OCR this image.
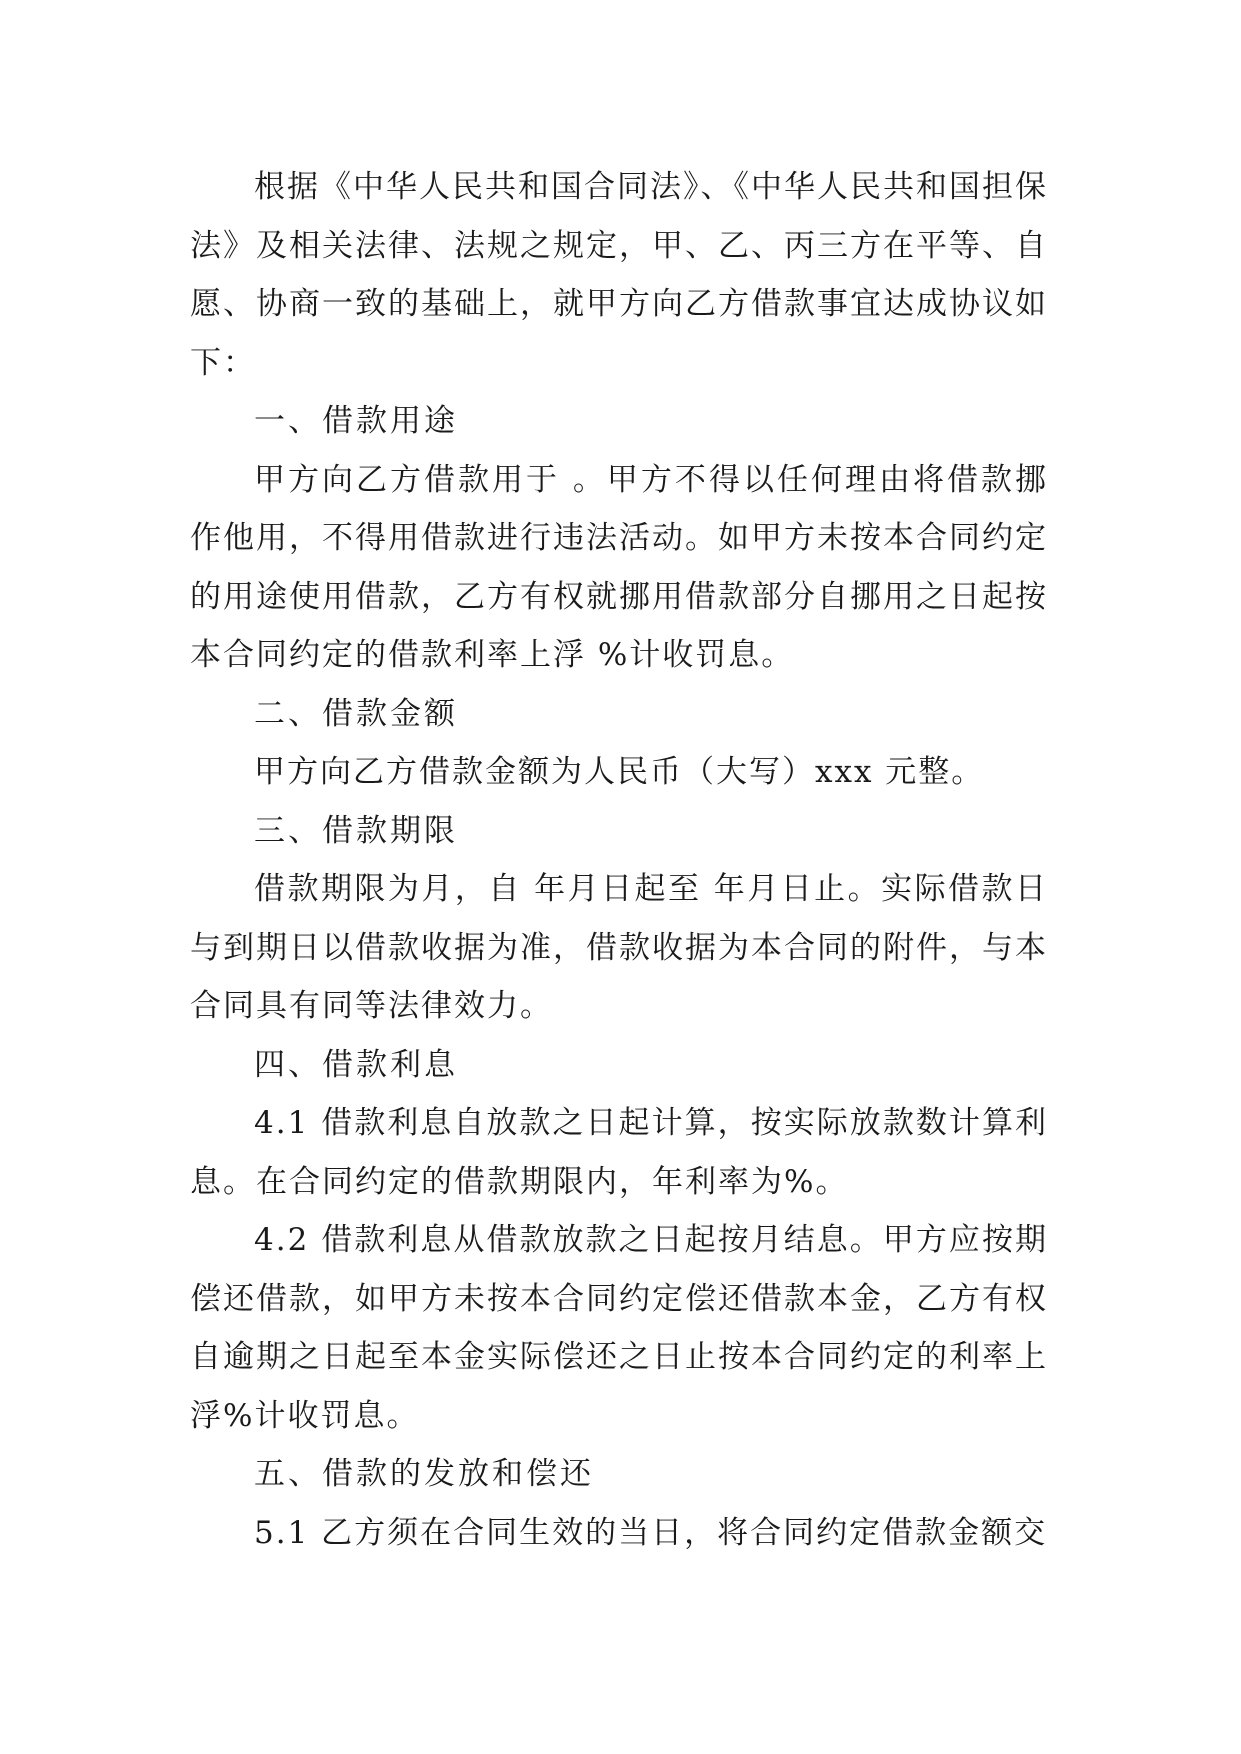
根据《中华人民共和国合同法》、《中华人民共和国担保法》及相关法律、法规之规定，甲、乙、丙三方在平等、自愿、协商一致的基础上，就甲方向乙方借款事宜达成协议如下：

一、借款用途

甲方向乙方借款用于 。甲方不得以任何理由将借款挪作他用，不得用借款进行违法活动。如甲方未按本合同约定的用途使用借款，乙方有权就挪用借款部分自挪用之日起按本合同约定的借款利率上浮 %计收罚息。

二、借款金额

甲方向乙方借款金额为人民币（大写）xxx 元整。

三、借款期限

借款期限为月，自 年月日起至 年月日止。实际借款日与到期日以借款收据为准，借款收据为本合同的附件，与本合同具有同等法律效力。

四、借款利息

4.1 借款利息自放款之日起计算，按实际放款数计算利息。在合同约定的借款期限内，年利率为%。

4.2 借款利息从借款放款之日起按月结息。甲方应按期偿还借款，如甲方未按本合同约定偿还借款本金，乙方有权自逾期之日起至本金实际偿还之日止按本合同约定的利率上浮%计收罚息。

五、借款的发放和偿还

5.1 乙方须在合同生效的当日，将合同约定借款金额交
